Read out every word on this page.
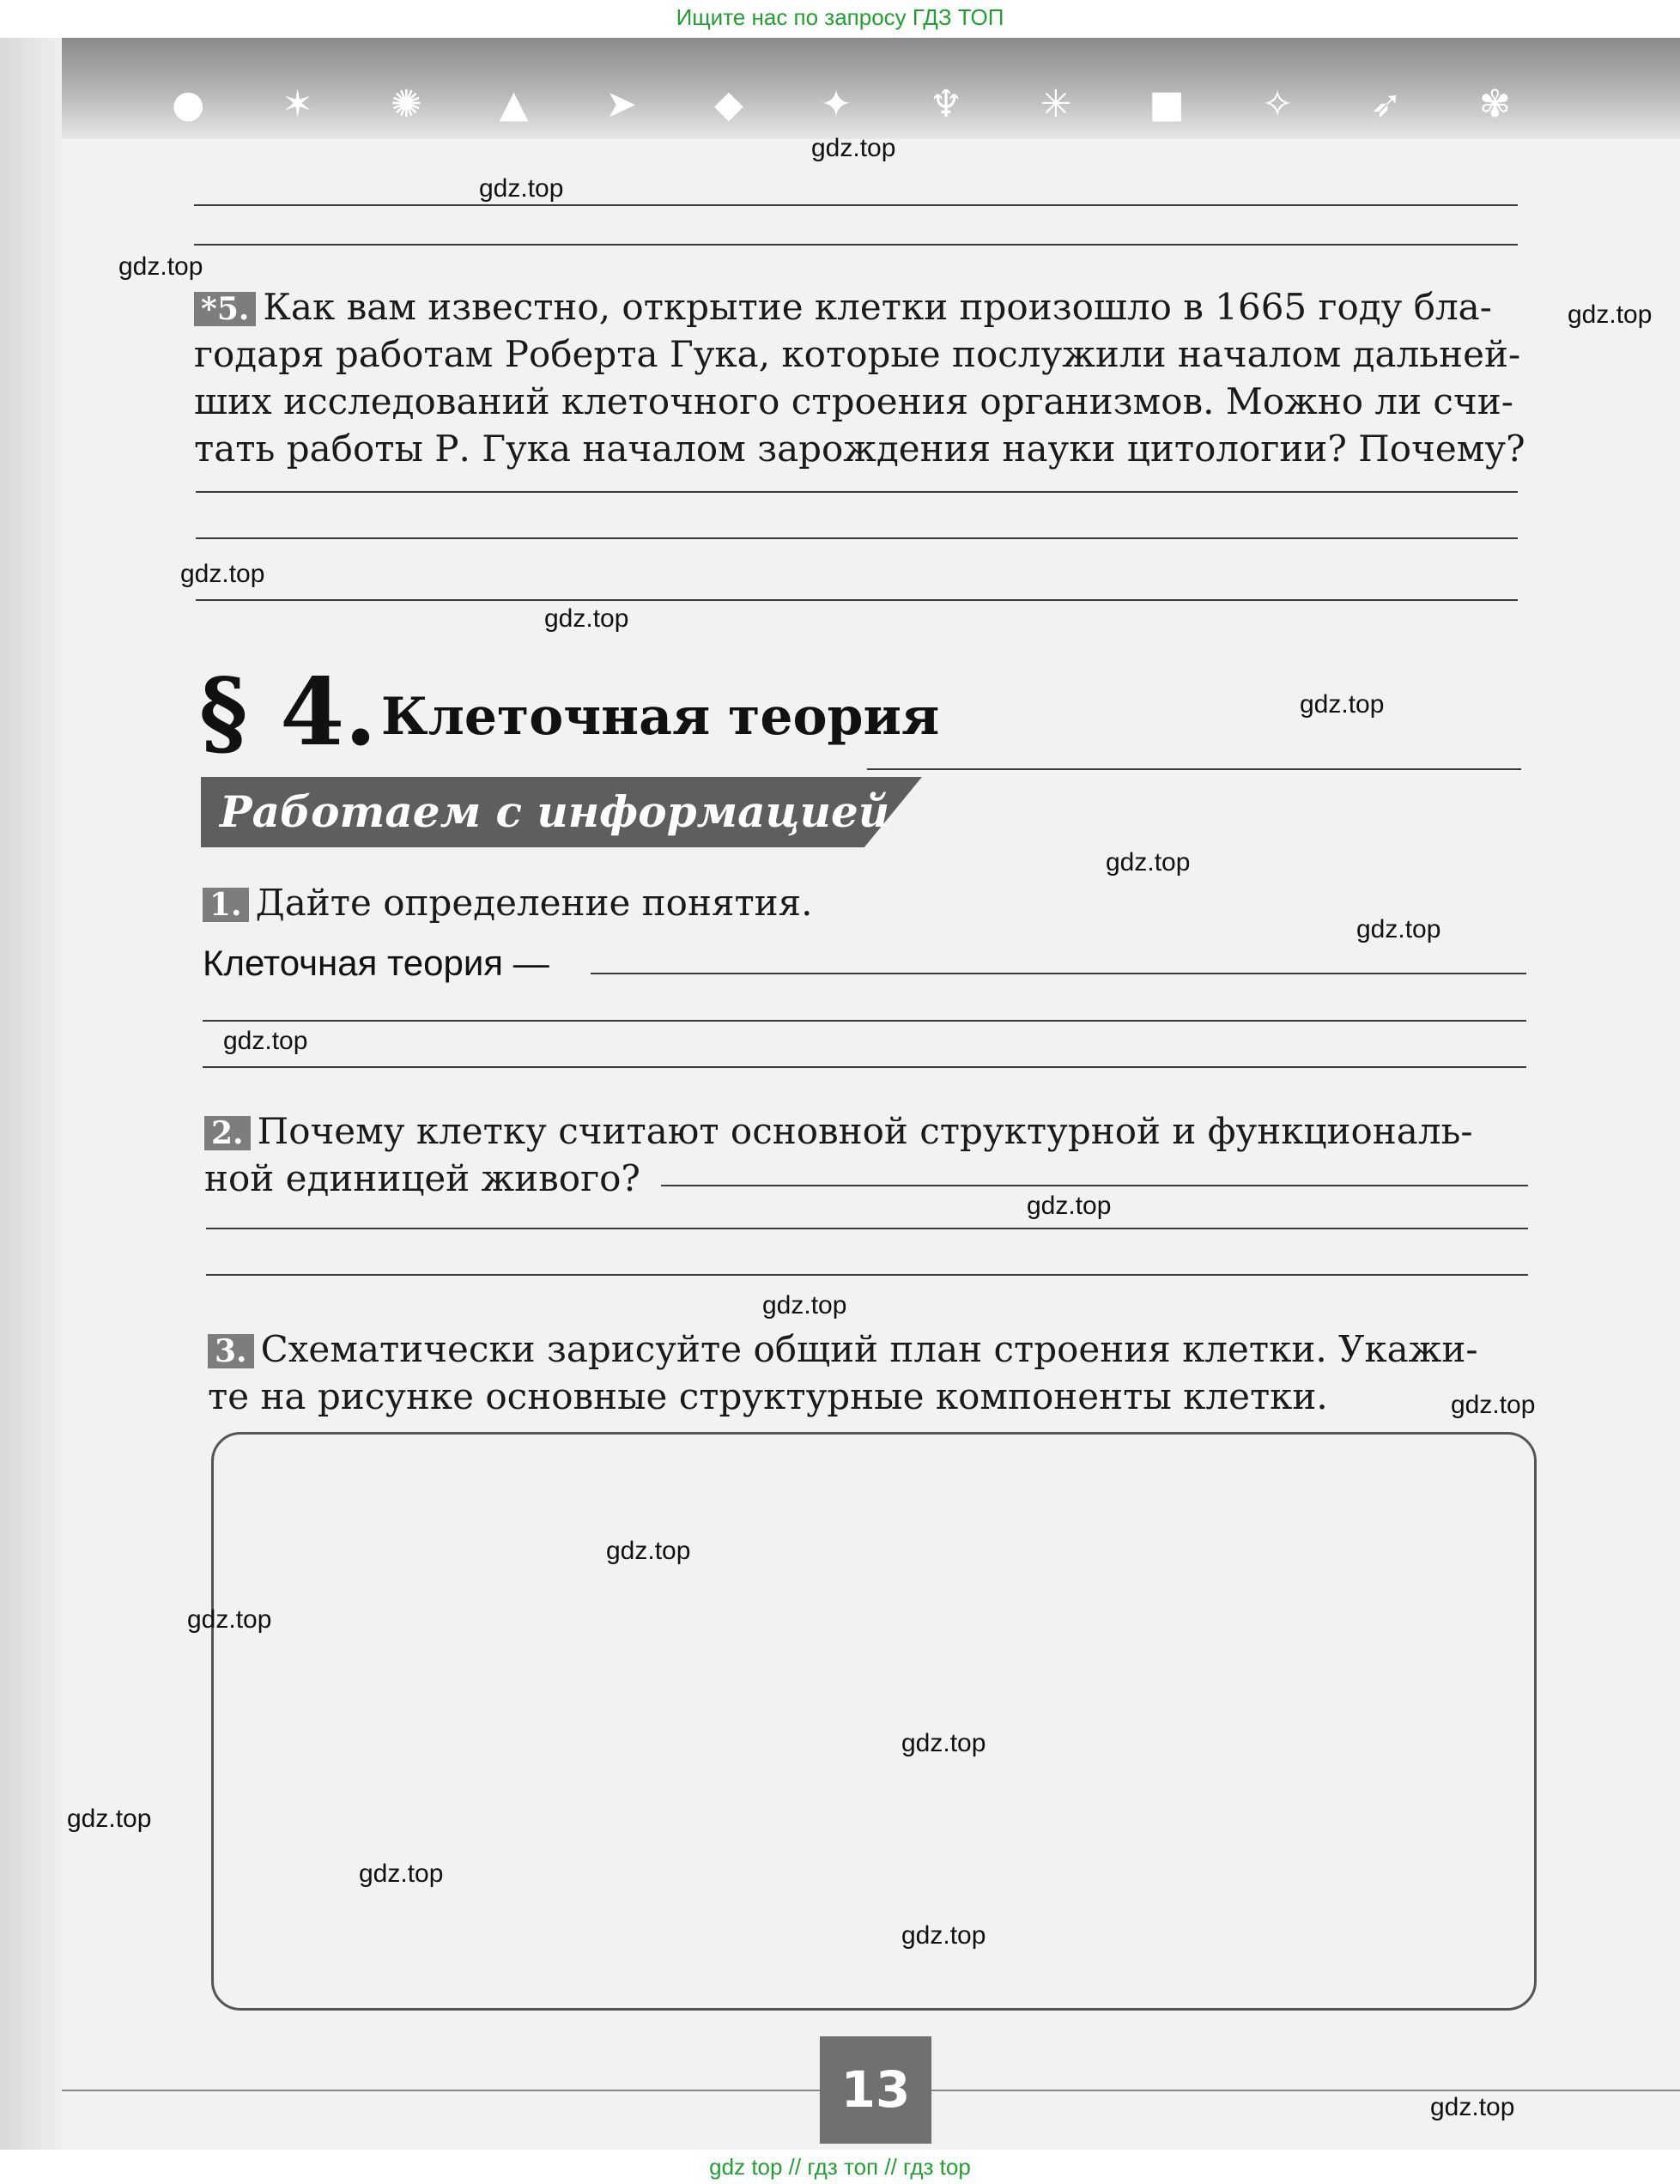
Ищите нас по запросу ГДЗ ТОП
● ✶ ✺ ▲ ➤ ◆ ✦ ♆ ✳ ■ ✧ ➶ ✾
*5. Как вам известно, открытие клетки произошло в 1665 году бла-
годаря работам Роберта Гука, которые послужили началом дальней-
ших исследований клеточного строения организмов. Можно ли счи-
тать работы Р. Гука началом зарождения науки цитологии? Почему?
§ 4. Клеточная теория
Работаем с информацией
1. Дайте определение понятия.
Клеточная теория —
2. Почему клетку считают основной структурной и функциональ-
ной единицей живого?
3. Схематически зарисуйте общий план строения клетки. Укажи-
те на рисунке основные структурные компоненты клетки.
13
gdz.top
gdz.top
gdz.top
gdz.top
gdz.top
gdz.top
gdz.top
gdz.top
gdz.top
gdz.top
gdz.top
gdz.top
gdz.top
gdz.top
gdz.top
gdz.top
gdz.top
gdz.top
gdz.top
gdz.top
gdz top // гдз топ // гдз top
